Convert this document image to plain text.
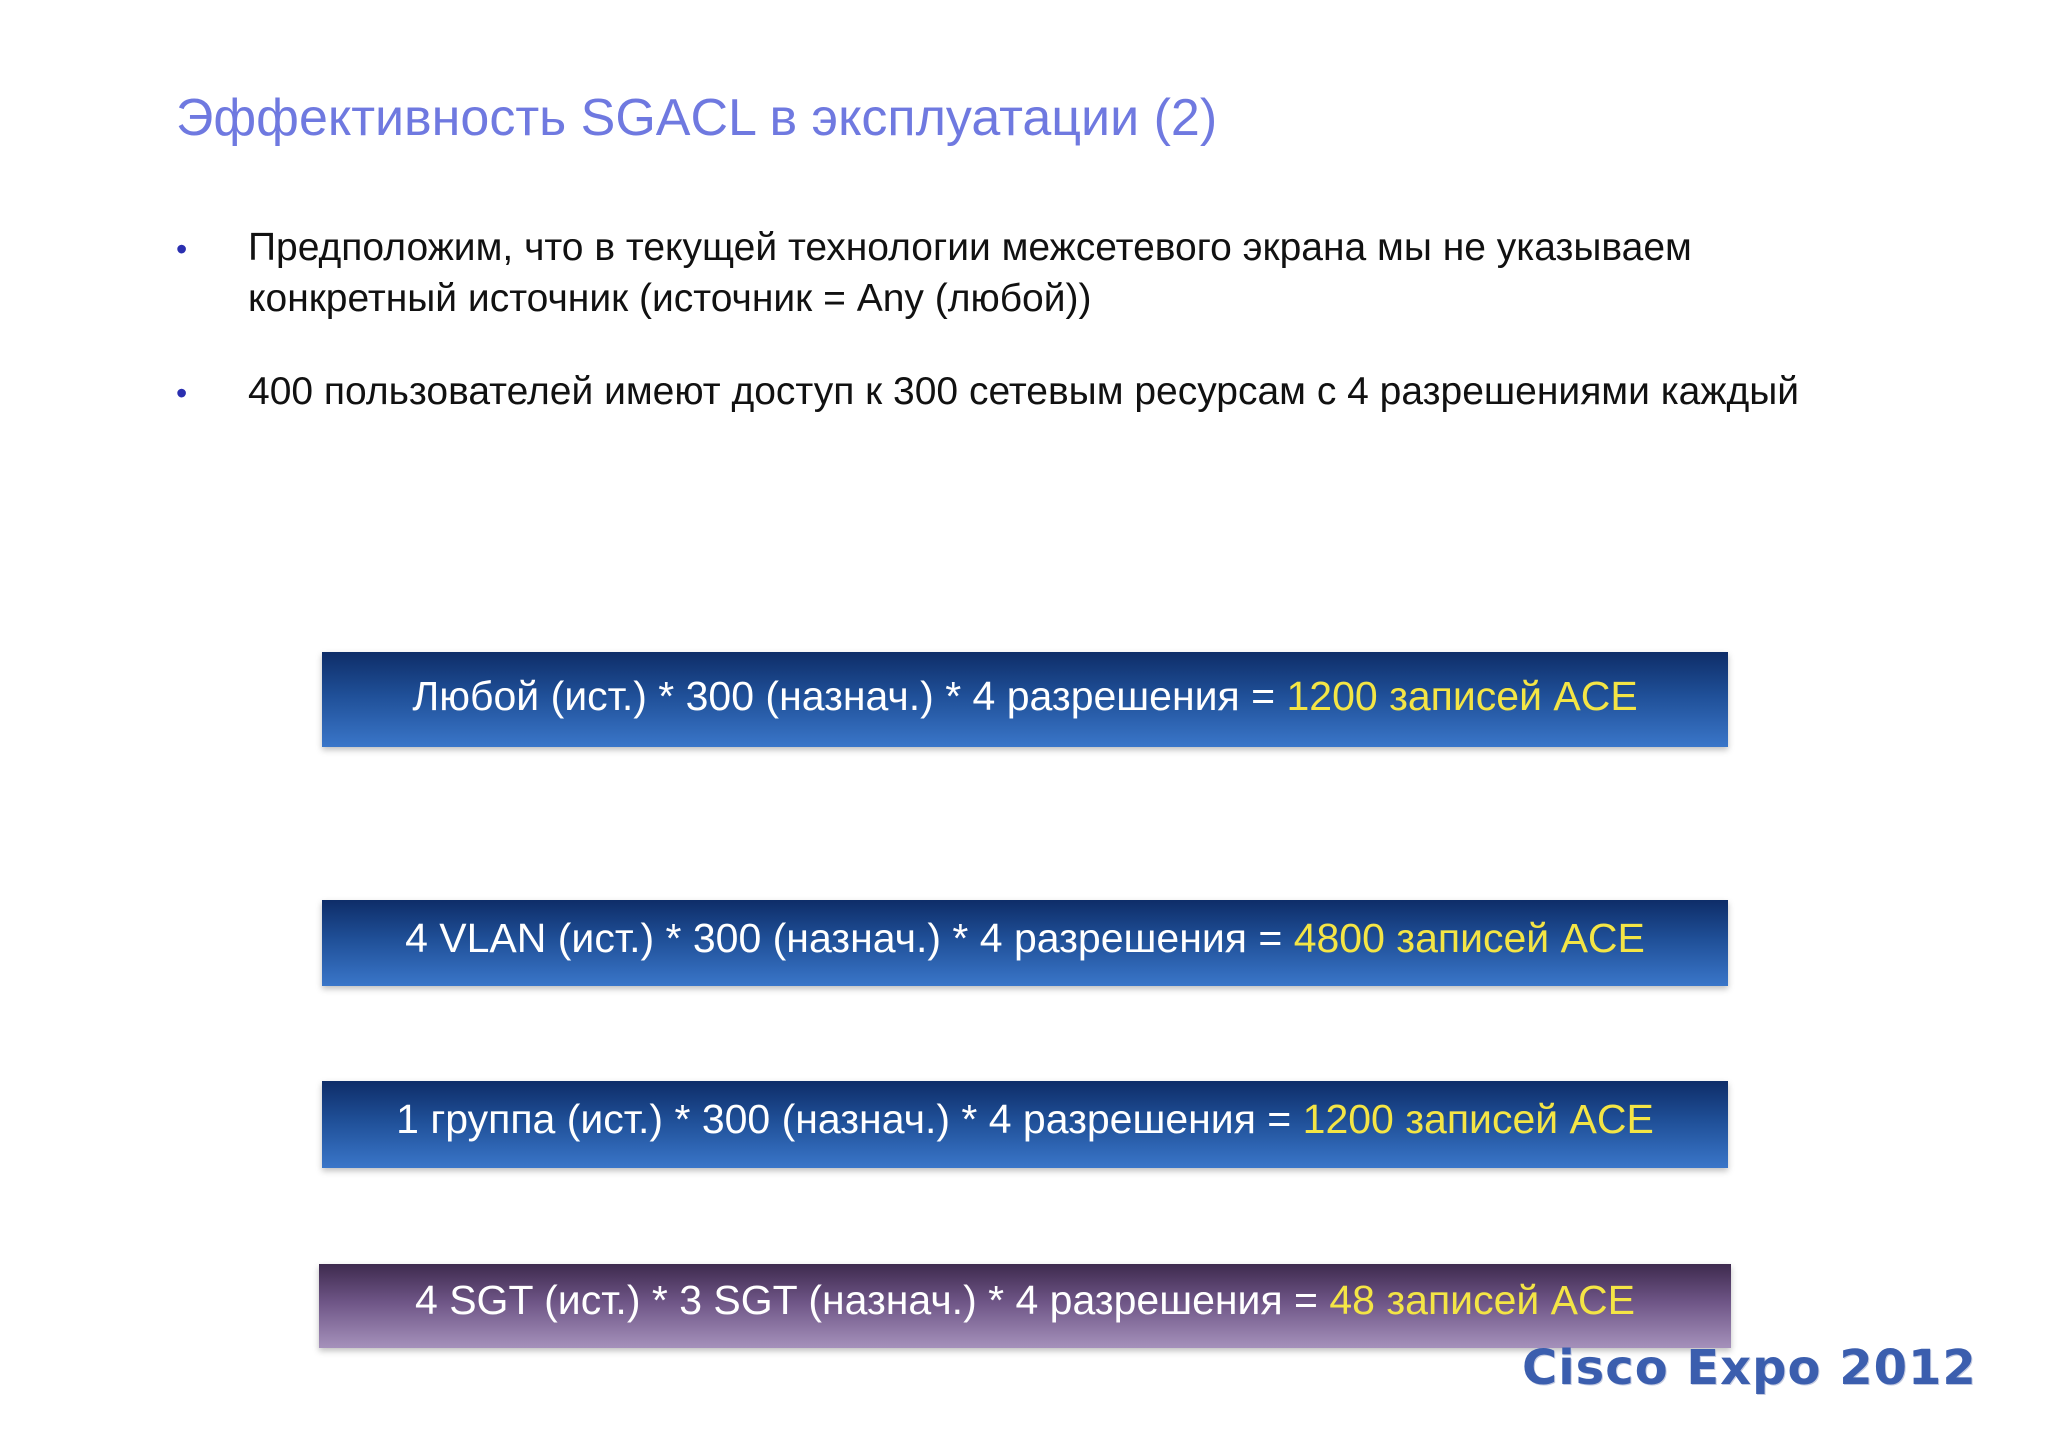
Эффективность SGACL в эксплуатации (2)
• Предположим, что в текущей технологии межсетевого экрана мы не указываем конкретный источник (источник = Any (любой))
• 400 пользователей имеют доступ к 300 сетевым ресурсам с 4 разрешениями каждый
Любой (ист.) * 300 (назнач.) * 4 разрешения = 1200 записей ACE
4 VLAN (ист.) * 300 (назнач.) * 4 разрешения = 4800 записей ACE
1 группа (ист.) * 300 (назнач.) * 4 разрешения = 1200 записей ACE
4 SGT (ист.) * 3 SGT (назнач.) * 4 разрешения = 48 записей ACE
Cisco Expo 2012
